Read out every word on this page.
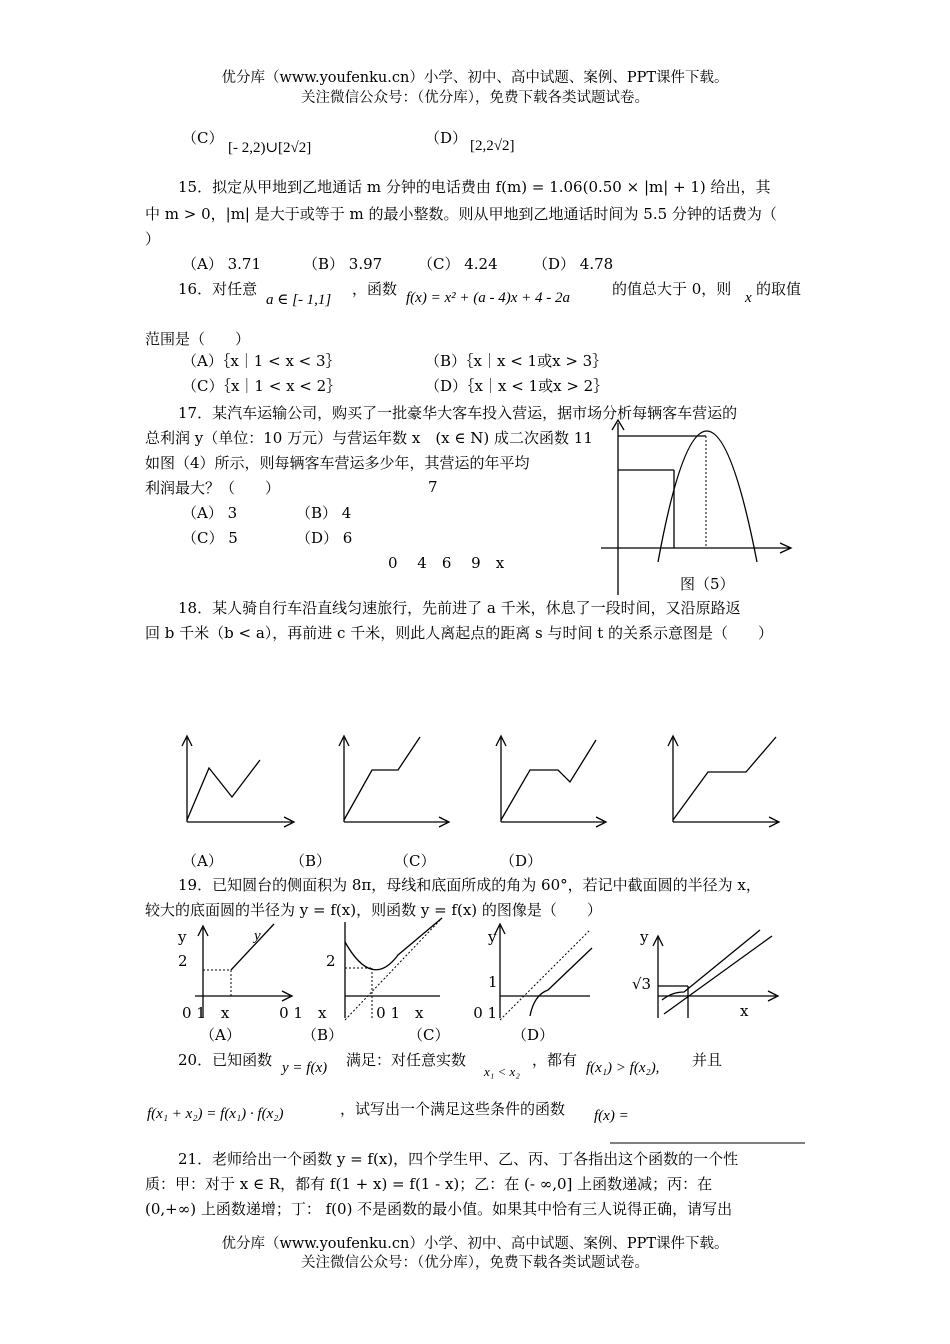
优分库（www.youfenku.cn）小学、初中、高中试题、案例、PPT课件下载。
关注微信公众号：（优分库），免费下载各类试题试卷。
（C）
[- 2,2)∪[2√2]
（D） [2,2√2]
15．拟定从甲地到乙地通话 m 分钟的电话费由 f(m) = 1.06(0.50 × |m| + 1) 给出，其
中 m > 0，|m| 是大于或等于 m 的最小整数。则从甲地到乙地通话时间为 5.5 分钟的话费为（
）
（A） 3.71	（B） 3.97 （C） 4.24 （D） 4.78
16．对任意
a ∈ [- 1,1]
，函数 f(x) = x² + (a - 4)x + 4 - 2a	的值总大于 0，则 x 的取值
范围是（　　）
（A）｛x｜1 < x < 3｝	（B）｛x｜x < 1或x > 3｝
（C）｛x｜1 < x < 2｝	（D）｛x｜x < 1或x > 2｝
17．某汽车运输公司，购买了一批豪华大客车投入营运，据市场分析每辆客车营运的
总利润 y（单位：10 万元）与营运年数 x　(x ∈ N) 成二次函数 11
如图（4）所示，则每辆客车营运多少年，其营运的年平均
利润最大？（　　）	7
（A） 3	（B） 4
（C） 5	（D） 6
0　 4　6　 9　x
图（5）
18．某人骑自行车沿直线匀速旅行，先前进了 a 千米，休息了一段时间，又沿原路返
回 b 千米（b < a），再前进 c 千米，则此人离起点的距离 s 与时间 t 的关系示意图是（　　）
（A）	（B）	（C）	（D）
19．已知圆台的侧面积为 8π，母线和底面所成的角为 60°，若记中截面圆的半径为 x，
较大的底面圆的半径为 y = f(x)，则函数 y = f(x) 的图像是（　　）
y	y
2	2
y
1
y
√3
0 1　x　　　 0 1　x　　　 0 1　x　　　 0 1	x
（A）	（B）	（C）	（D）
20．已知函数 y = f(x) 满足：对任意实数
x₁ < x₂
，都有 f(x₁) > f(x₂), 并且
f(x₁ + x₂) = f(x₁) · f(x₂)	，试写出一个满足这些条件的函数 f(x) =
21．老师给出一个函数 y = f(x)，四个学生甲、乙、丙、丁各指出这个函数的一个性
质：甲：对于 x ∈ R，都有 f(1 + x) = f(1 - x)；乙：在 (- ∞,0] 上函数递减；丙：在
(0,+∞) 上函数递增；丁： f(0) 不是函数的最小值。如果其中恰有三人说得正确，请写出
优分库（www.youfenku.cn）小学、初中、高中试题、案例、PPT课件下载。
关注微信公众号：（优分库），免费下载各类试题试卷。
